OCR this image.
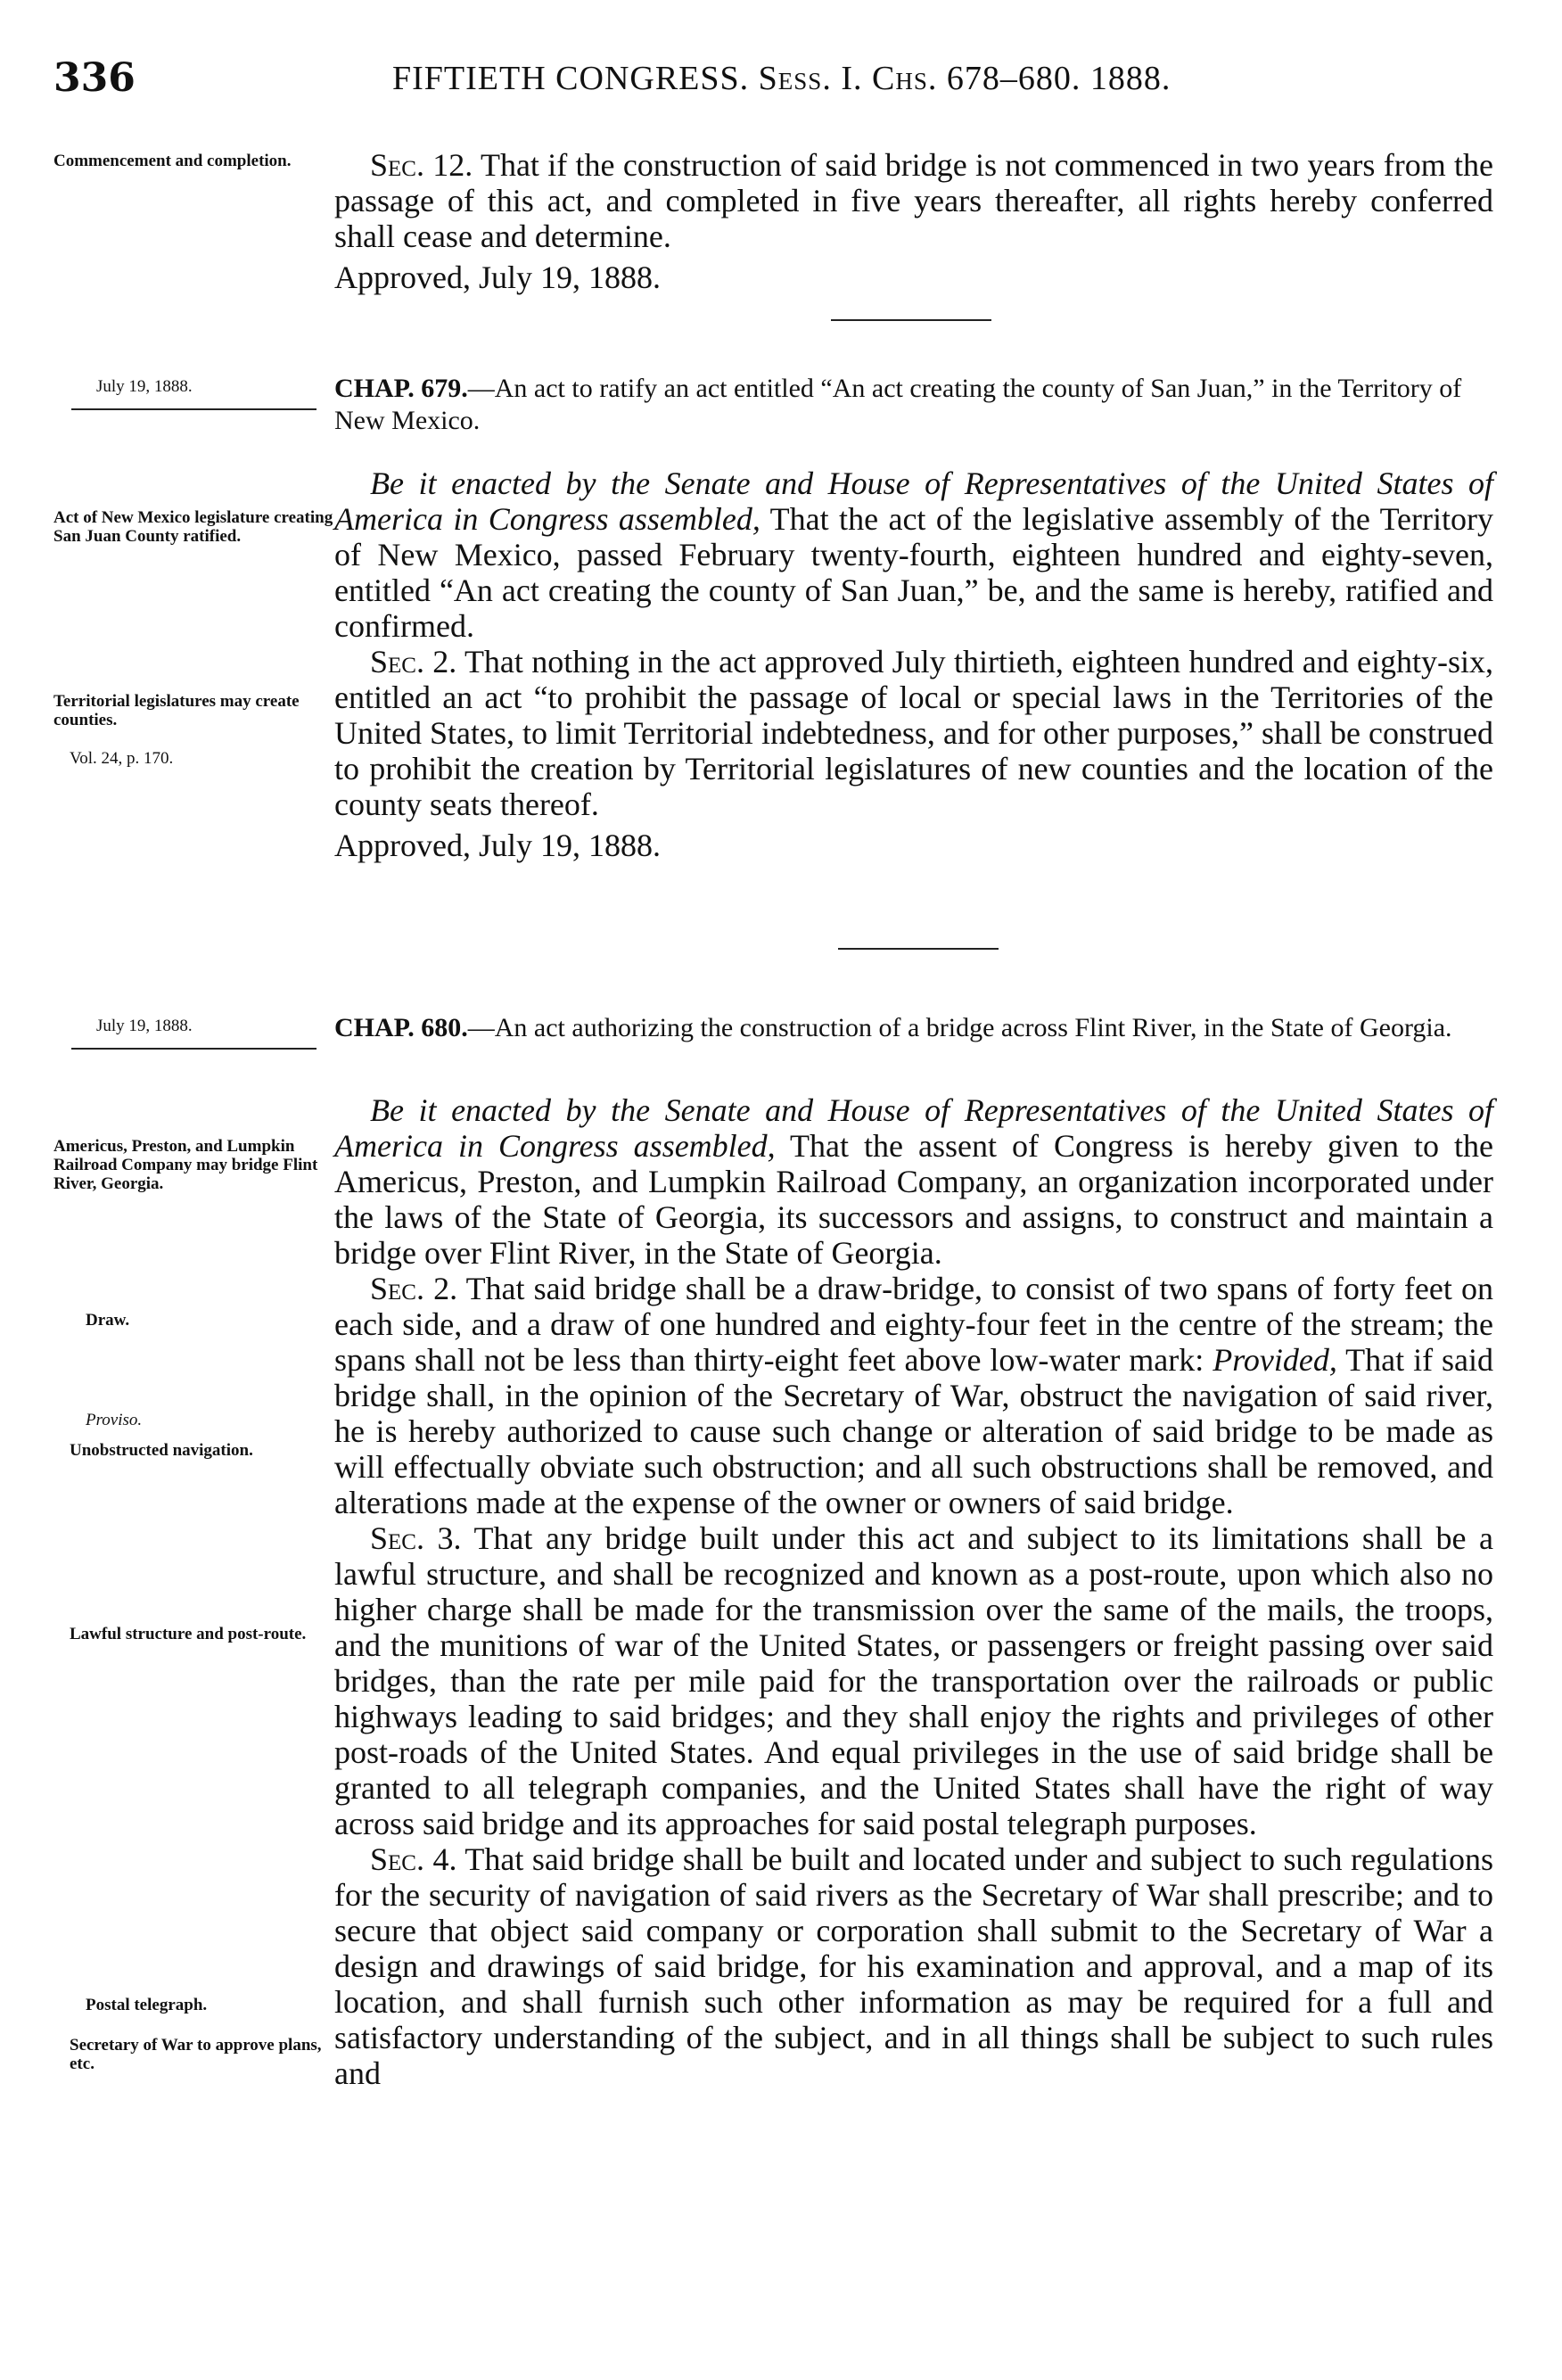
336	FIFTIETH CONGRESS. Sess. I. Chs. 678–680. 1888.
Commencement and completion.	Sec. 12. That if the construction of said bridge is not commenced in two years from the passage of this act, and completed in five years thereafter, all rights hereby conferred shall cease and determine.

Approved, July 19, 1888.

July 19, 1888.	CHAP. 679.—An act to ratify an act entitled “An act creating the county of San Juan,” in the Territory of New Mexico.
Act of New Mexico legislature creating San Juan County ratified.
Territorial legislatures may create counties.
Vol. 24, p. 170.

Be it enacted by the Senate and House of Representatives of the United States of America in Congress assembled, That the act of the legislative assembly of the Territory of New Mexico, passed February twenty-fourth, eighteen hundred and eighty-seven, entitled “An act creating the county of San Juan,” be, and the same is hereby, ratified and confirmed.

Sec. 2. That nothing in the act approved July thirtieth, eighteen hundred and eighty-six, entitled an act “to prohibit the passage of local or special laws in the Territories of the United States, to limit Territorial indebtedness, and for other purposes,” shall be construed to prohibit the creation by Territorial legislatures of new counties and the location of the county seats thereof.

Approved, July 19, 1888.

July 19, 1888.	CHAP. 680.—An act authorizing the construction of a bridge across Flint River, in the State of Georgia.
Americus, Preston, and Lumpkin Railroad Company may bridge Flint River, Georgia.
Draw.
Proviso.
Unobstructed navigation.
Lawful structure and post-route.
Postal telegraph.
Secretary of War to approve plans, etc.

Be it enacted by the Senate and House of Representatives of the United States of America in Congress assembled, That the assent of Congress is hereby given to the Americus, Preston, and Lumpkin Railroad Company, an organization incorporated under the laws of the State of Georgia, its successors and assigns, to construct and maintain a bridge over Flint River, in the State of Georgia.

Sec. 2. That said bridge shall be a draw-bridge, to consist of two spans of forty feet on each side, and a draw of one hundred and eighty-four feet in the centre of the stream; the spans shall not be less than thirty-eight feet above low-water mark: Provided, That if said bridge shall, in the opinion of the Secretary of War, obstruct the navigation of said river, he is hereby authorized to cause such change or alteration of said bridge to be made as will effectually obviate such obstruction; and all such obstructions shall be removed, and alterations made at the expense of the owner or owners of said bridge.

Sec. 3. That any bridge built under this act and subject to its limitations shall be a lawful structure, and shall be recognized and known as a post-route, upon which also no higher charge shall be made for the transmission over the same of the mails, the troops, and the munitions of war of the United States, or passengers or freight passing over said bridges, than the rate per mile paid for the transportation over the railroads or public highways leading to said bridges; and they shall enjoy the rights and privileges of other post-roads of the United States. And equal privileges in the use of said bridge shall be granted to all telegraph companies, and the United States shall have the right of way across said bridge and its approaches for said postal telegraph purposes.

Sec. 4. That said bridge shall be built and located under and subject to such regulations for the security of navigation of said rivers as the Secretary of War shall prescribe; and to secure that object said company or corporation shall submit to the Secretary of War a design and drawings of said bridge, for his examination and approval, and a map of its location, and shall furnish such other information as may be required for a full and satisfactory understanding of the subject, and in all things shall be subject to such rules and
